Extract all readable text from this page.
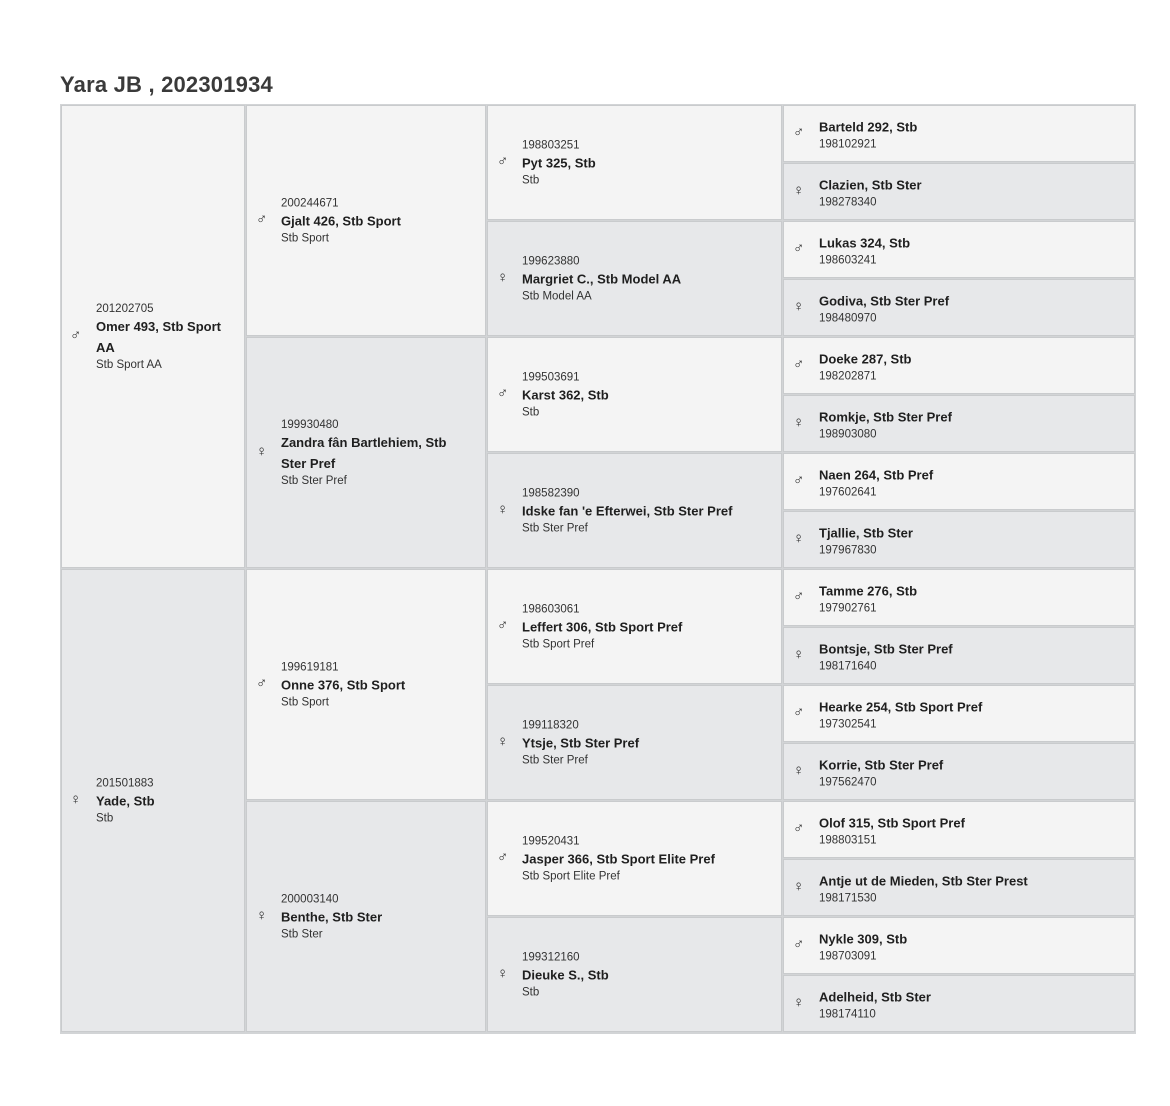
Yara JB , 202301934
♂
201202705
Omer 493, Stb Sport AA
Stb Sport AA
♀
201501883
Yade, Stb
Stb
♂
200244671
Gjalt 426, Stb Sport
Stb Sport
♀
199930480
Zandra fân Bartlehiem, Stb Ster Pref
Stb Ster Pref
♂
199619181
Onne 376, Stb Sport
Stb Sport
♀
200003140
Benthe, Stb Ster
Stb Ster
♂
198803251
Pyt 325, Stb
Stb
♀
199623880
Margriet C., Stb Model AA
Stb Model AA
♂
199503691
Karst 362, Stb
Stb
♀
198582390
Idske fan 'e Efterwei, Stb Ster Pref
Stb Ster Pref
♂
198603061
Leffert 306, Stb Sport Pref
Stb Sport Pref
♀
199118320
Ytsje, Stb Ster Pref
Stb Ster Pref
♂
199520431
Jasper 366, Stb Sport Elite Pref
Stb Sport Elite Pref
♀
199312160
Dieuke S., Stb
Stb
♂ Barteld 292, Stb
198102921
♀ Clazien, Stb Ster
198278340
♂ Lukas 324, Stb
198603241
♀ Godiva, Stb Ster Pref
198480970
♂ Doeke 287, Stb
198202871
♀ Romkje, Stb Ster Pref
198903080
♂ Naen 264, Stb Pref
197602641
♀ Tjallie, Stb Ster
197967830
♂ Tamme 276, Stb
197902761
♀ Bontsje, Stb Ster Pref
198171640
♂ Hearke 254, Stb Sport Pref
197302541
♀ Korrie, Stb Ster Pref
197562470
♂ Olof 315, Stb Sport Pref
198803151
♀ Antje ut de Mieden, Stb Ster Prest
198171530
♂ Nykle 309, Stb
198703091
♀ Adelheid, Stb Ster
198174110
